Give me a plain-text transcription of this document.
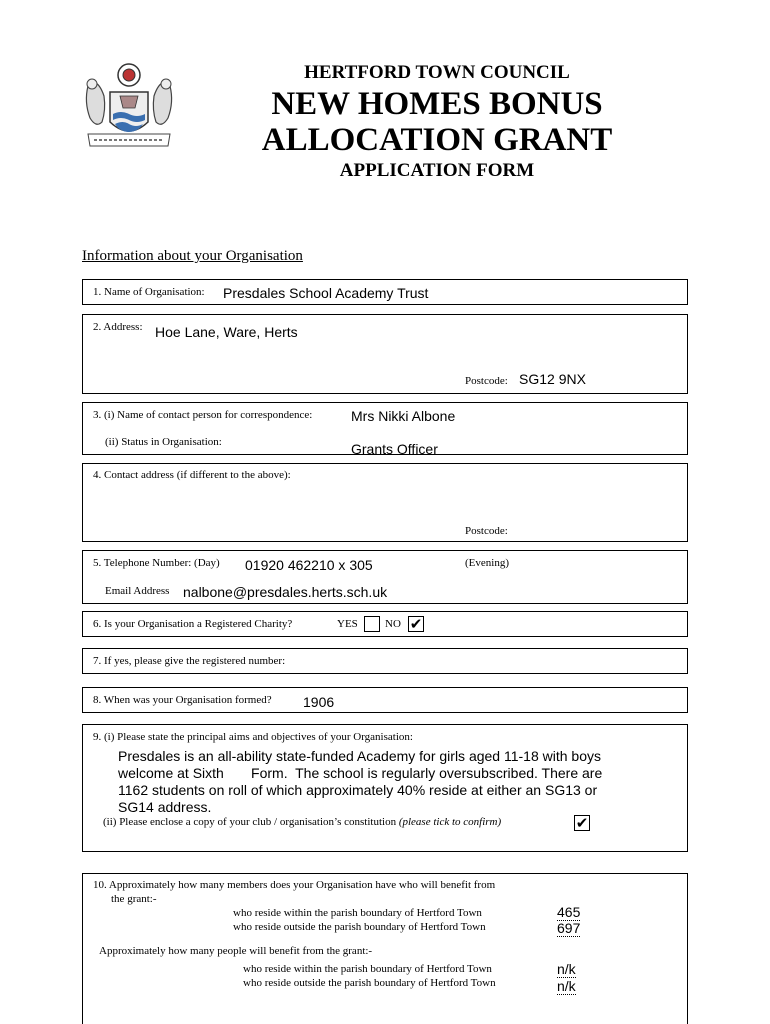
HERTFORD TOWN COUNCIL
NEW HOMES BONUS
ALLOCATION GRANT
APPLICATION FORM
Information about your Organisation
1. Name of Organisation: Presdales School Academy Trust
2. Address: Hoe Lane, Ware, Herts
Postcode: SG12 9NX
3. (i) Name of contact person for correspondence:	Mrs Nikki Albone
(ii) Status in Organisation:	Grants Officer
4. Contact address (if different to the above):
Postcode:
5. Telephone Number: (Day) 01920 462210 x 305	(Evening)
Email Address nalbone@presdales.herts.sch.uk
6. Is your Organisation a Registered Charity?	YES NO ✔
7. If yes, please give the registered number:
8. When was your Organisation formed? 1906
9. (i) Please state the principal aims and objectives of your Organisation:
Presdales is an all-ability state-funded Academy for girls aged 11-18 with boys
welcome at Sixth       Form.  The school is regularly oversubscribed. There are
1162 students on roll of which approximately 40% reside at either an SG13 or
SG14 address.
(ii) Please enclose a copy of your club / organisation’s constitution (please tick to confirm)	✔
10. Approximately how many members does your Organisation have who will benefit from
the grant:-
who reside within the parish boundary of Hertford Town	465
who reside outside the parish boundary of Hertford Town	697
Approximately how many people will benefit from the grant:-
who reside within the parish boundary of Hertford Town	n/k
who reside outside the parish boundary of Hertford Town	n/k
